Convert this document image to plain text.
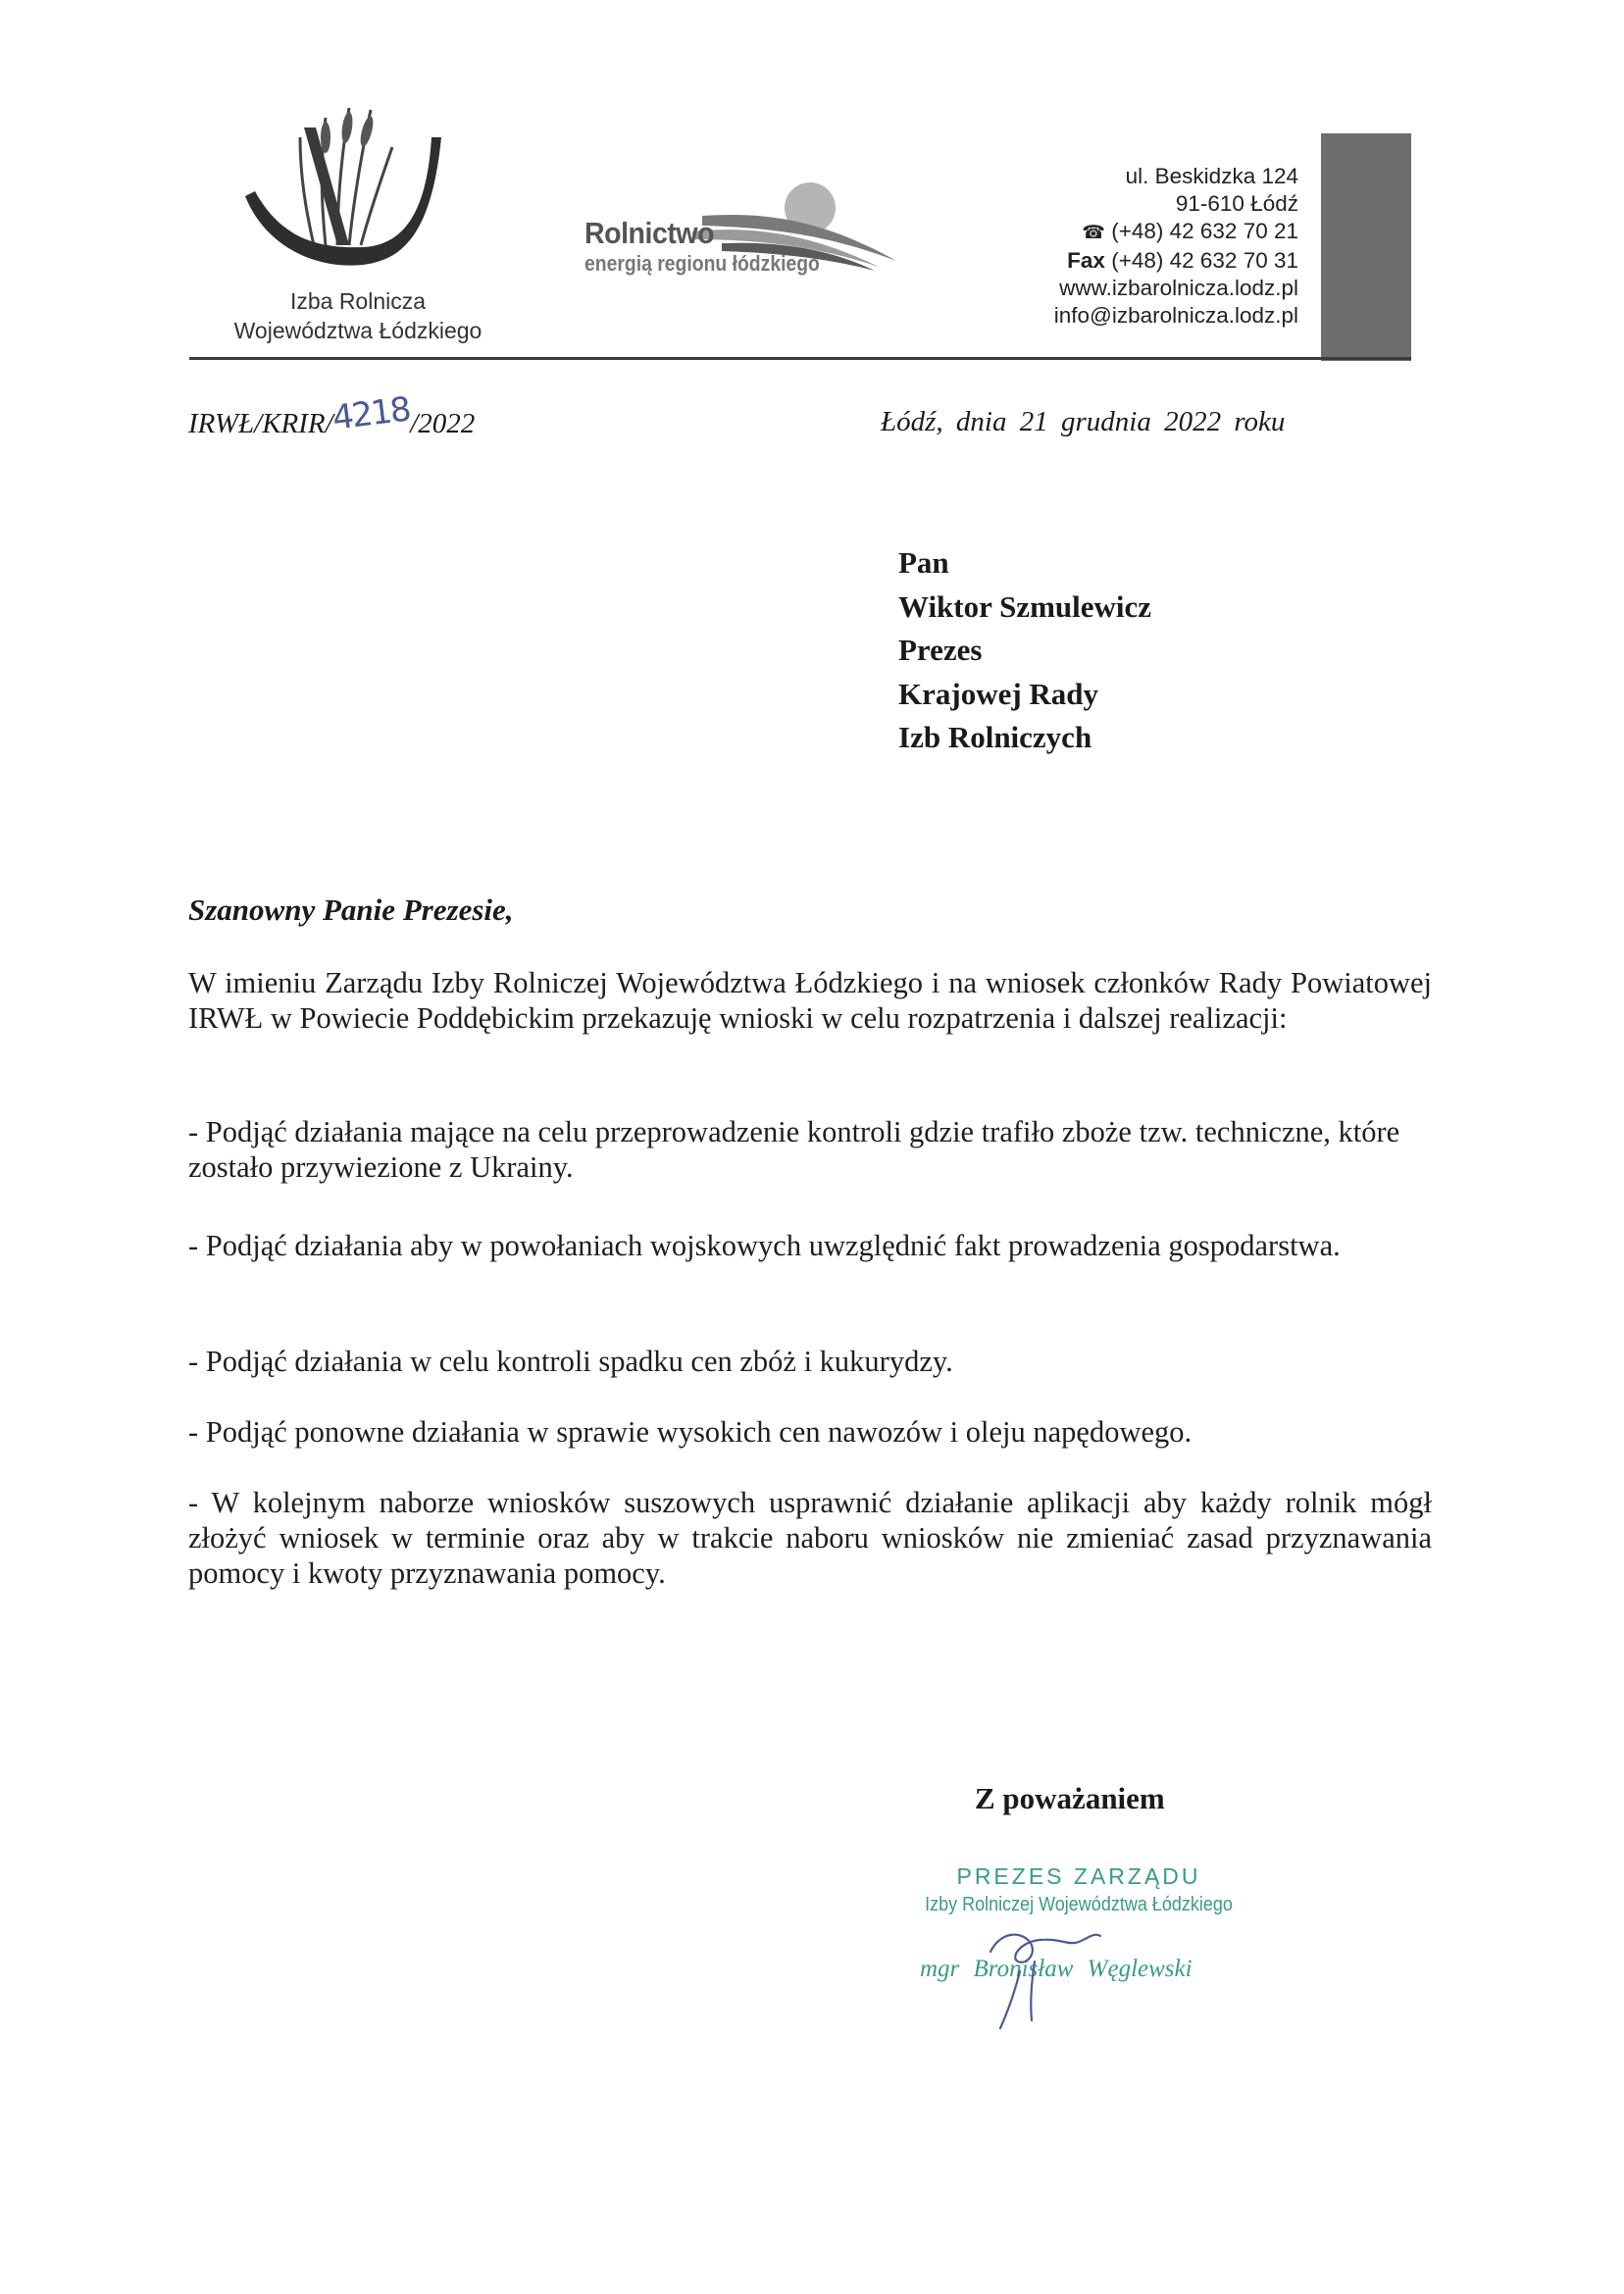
Izba Rolnicza
Województwa Łódzkiego
Rolnictwo
energią regionu łódzkiego
ul. Beskidzka 124
91-610 Łódź
☎ (+48) 42 632 70 21
Fax (+48) 42 632 70 31
www.izbarolnicza.lodz.pl
info@izbarolnicza.lodz.pl
IRWŁ/KRIR/4218/2022	Łódź, dnia 21 grudnia 2022 roku
Pan
Wiktor Szmulewicz
Prezes
Krajowej Rady
Izb Rolniczych
Szanowny Panie Prezesie,
W imieniu Zarządu Izby Rolniczej Województwa Łódzkiego i na wniosek członków Rady Powiatowej IRWŁ w Powiecie Poddębickim przekazuję wnioski w celu rozpatrzenia i dalszej realizacji:
- Podjąć działania mające na celu przeprowadzenie kontroli gdzie trafiło zboże tzw. techniczne, które zostało przywiezione z Ukrainy.
- Podjąć działania aby w powołaniach wojskowych uwzględnić fakt prowadzenia gospodarstwa.
- Podjąć działania w celu kontroli spadku cen zbóż i kukurydzy.
- Podjąć ponowne działania w sprawie wysokich cen nawozów i oleju napędowego.
- W kolejnym naborze wniosków suszowych usprawnić działanie aplikacji aby każdy rolnik mógł złożyć wniosek w terminie oraz aby w trakcie naboru wniosków nie zmieniać zasad przyznawania pomocy i kwoty przyznawania pomocy.
Z poważaniem
PREZES ZARZĄDU
Izby Rolniczej Województwa Łódzkiego
mgr Bronisław Węglewski
